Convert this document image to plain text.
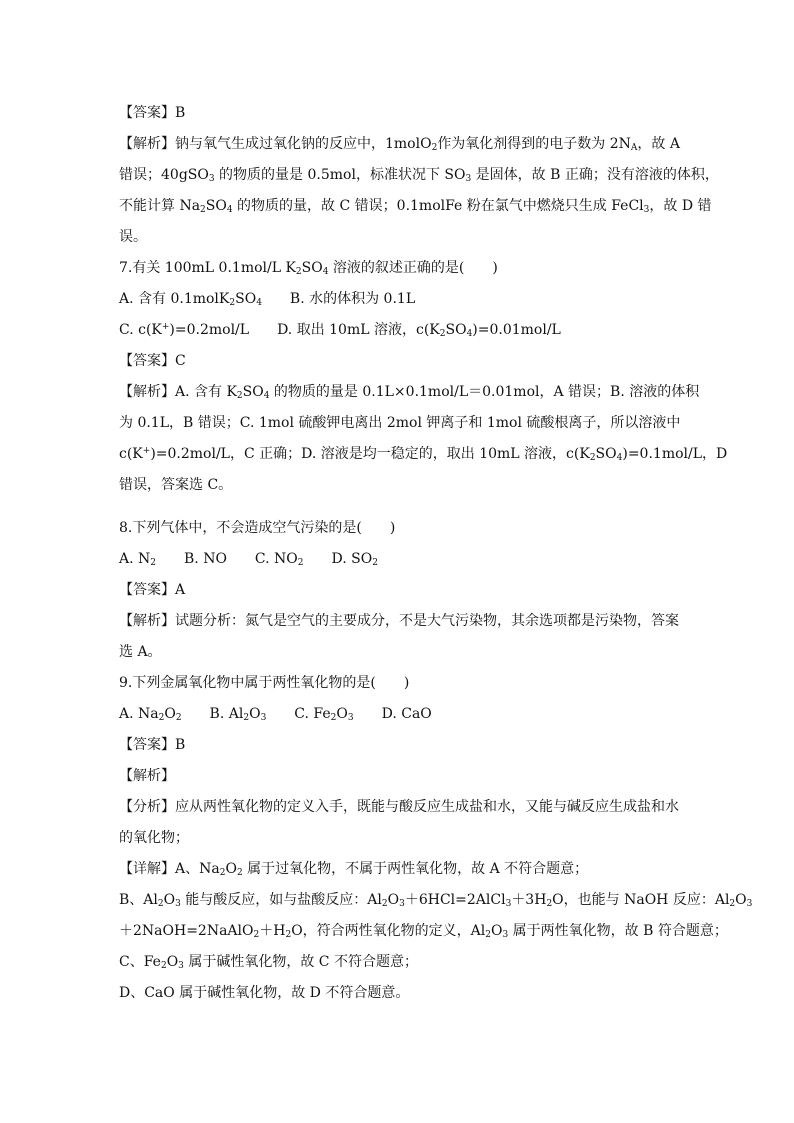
【答案】B
【解析】钠与氧气生成过氧化钠的反应中，1molO$_2$作为氧化剂得到的电子数为 $2N_A$，故 A
错误；40gSO$_3$ 的物质的量是 0.5mol，标准状况下 $SO_3$ 是固体，故 B 正确；没有溶液的体积，
不能计算 $Na_2SO_4$ 的物质的量，故 C 错误；0.1molFe 粉在氯气中燃烧只生成 FeCl$_3$，故 D 错
误。
7.有关 100mL 0.1mol/L $K_2SO_4$ 溶液的叙述正确的是(　　)
A. 含有 $0.1molK_2SO_4$　　B. 水的体积为 0.1L
C. c(K+)=0.2mol/L　　D. 取出 10mL 溶液，$c(K_2SO_4)=0.01mol/L$
【答案】C
【解析】A. 含有 $K_2SO_4$ 的物质的量是 0.1L×0.1mol/L＝0.01mol，A 错误；B. 溶液的体积
为 0.1L，B 错误；C. 1mol 硫酸钾电离出 2mol 钾离子和 1mol 硫酸根离子，所以溶液中
c(K+)=0.2mol/L，C 正确；D. 溶液是均一稳定的，取出 10mL 溶液，$c(K_2SO_4)=0.1mol/L$，D
错误，答案选 C。
8.下列气体中，不会造成空气污染的是(　　)
A. $N_2$　　B. NO　　C. $NO_2$　　D. $SO_2$
【答案】A
【解析】试题分析：氮气是空气的主要成分，不是大气污染物，其余选项都是污染物，答案
选 A。
9.下列金属氧化物中属于两性氧化物的是(　　)
A. $Na_2O_2$　　B. $Al_2O_3$　　C. $Fe_2O_3$　　D. CaO
【答案】B
【解析】
【分析】应从两性氧化物的定义入手，既能与酸反应生成盐和水，又能与碱反应生成盐和水
的氧化物；
【详解】A、$Na_2O_2$ 属于过氧化物，不属于两性氧化物，故 A 不符合题意；
B、$Al_2O_3$ 能与酸反应，如与盐酸反应：$Al_2O_3+6HCl=2AlCl_3+3H_2O$，也能与 NaOH 反应：$Al_2O_3$
$+2NaOH=2NaAlO_2+H_2O$，符合两性氧化物的定义，$Al_2O_3$ 属于两性氧化物，故 B 符合题意；
C、$Fe_2O_3$ 属于碱性氧化物，故 C 不符合题意；
D、CaO 属于碱性氧化物，故 D 不符合题意。
